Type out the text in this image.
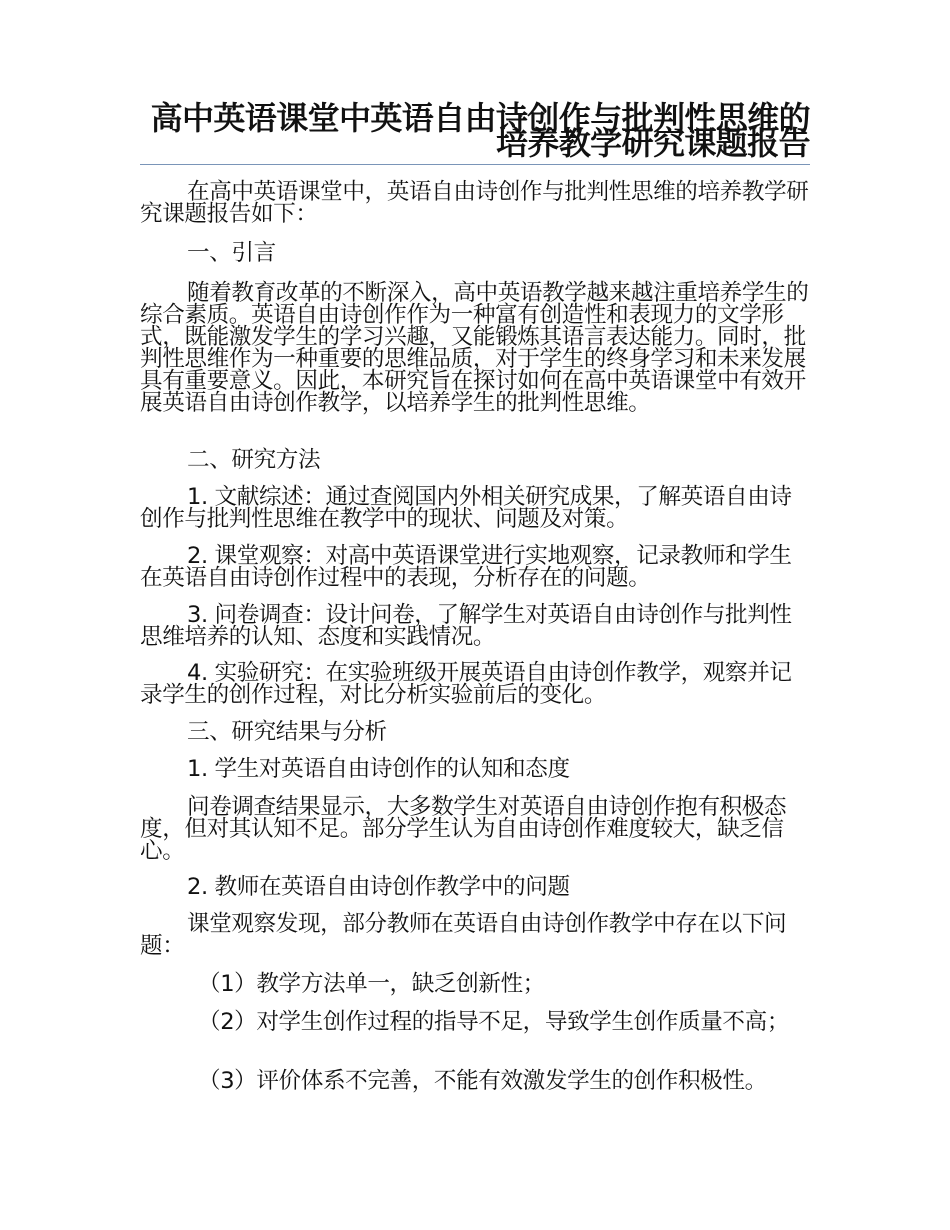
高中英语课堂中英语自由诗创作与批判性思维的培养教学研究课题报告

在高中英语课堂中，英语自由诗创作与批判性思维的培养教学研究课题报告如下：

一、引言

随着教育改革的不断深入，高中英语教学越来越注重培养学生的综合素质。英语自由诗创作作为一种富有创造性和表现力的文学形式，既能激发学生的学习兴趣，又能锻炼其语言表达能力。同时，批判性思维作为一种重要的思维品质，对于学生的终身学习和未来发展具有重要意义。因此，本研究旨在探讨如何在高中英语课堂中有效开展英语自由诗创作教学，以培养学生的批判性思维。

二、研究方法

1. 文献综述：通过查阅国内外相关研究成果，了解英语自由诗创作与批判性思维在教学中的现状、问题及对策。

2. 课堂观察：对高中英语课堂进行实地观察，记录教师和学生在英语自由诗创作过程中的表现，分析存在的问题。

3. 问卷调查：设计问卷，了解学生对英语自由诗创作与批判性思维培养的认知、态度和实践情况。

4. 实验研究：在实验班级开展英语自由诗创作教学，观察并记录学生的创作过程，对比分析实验前后的变化。

三、研究结果与分析

1. 学生对英语自由诗创作的认知和态度

问卷调查结果显示，大多数学生对英语自由诗创作抱有积极态度，但对其认知不足。部分学生认为自由诗创作难度较大，缺乏信心。

2. 教师在英语自由诗创作教学中的问题

课堂观察发现，部分教师在英语自由诗创作教学中存在以下问题：

（1）教学方法单一，缺乏创新性；

（2）对学生创作过程的指导不足，导致学生创作质量不高；

（3）评价体系不完善，不能有效激发学生的创作积极性。
